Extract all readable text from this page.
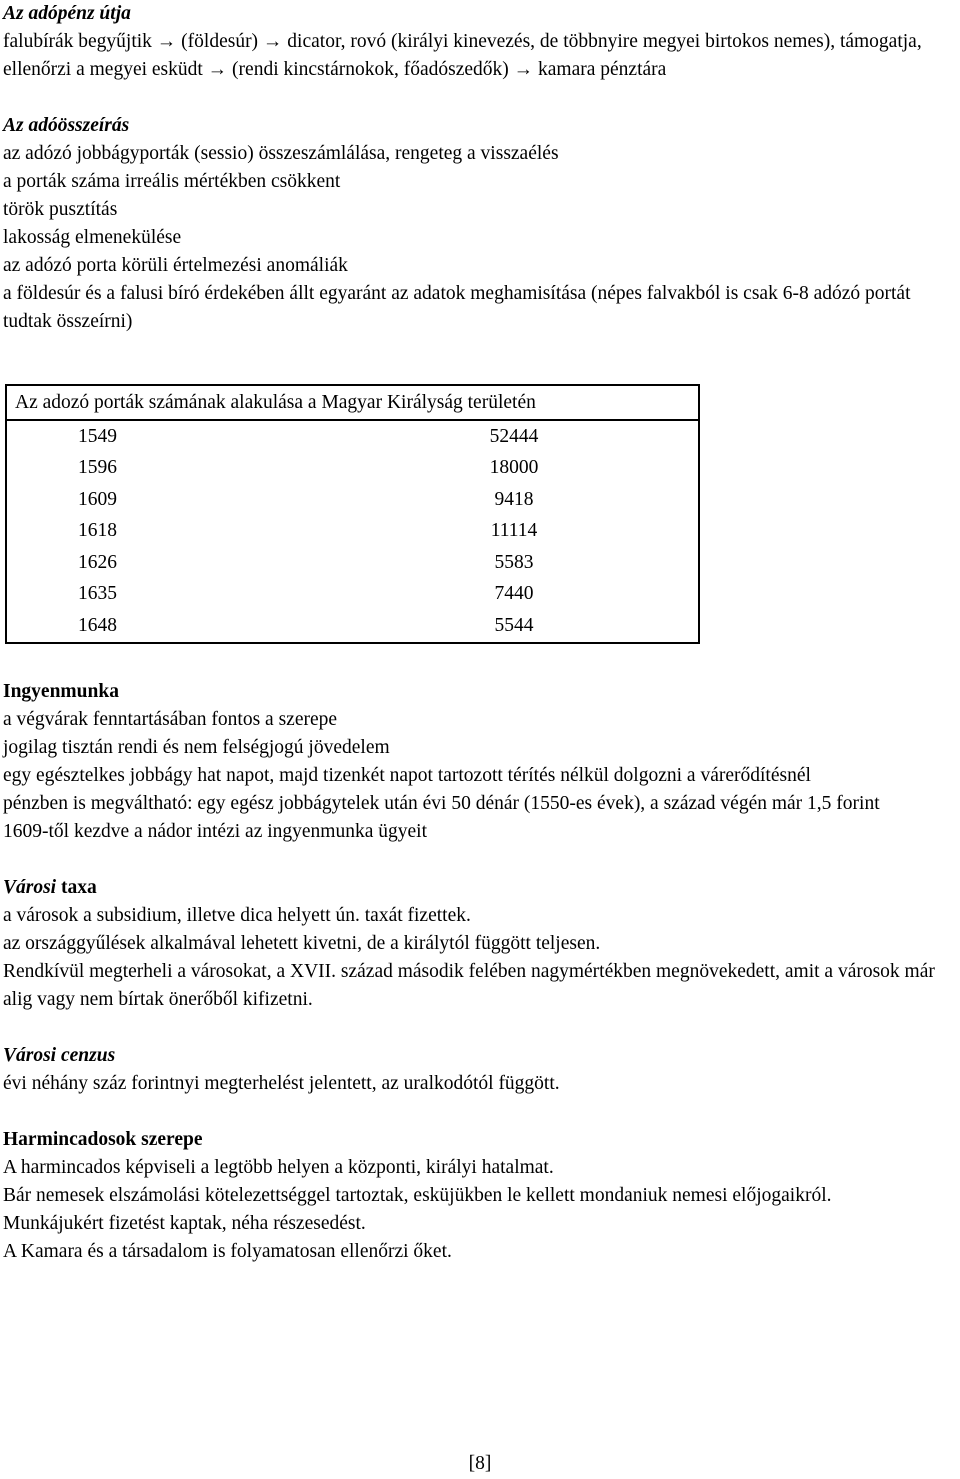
Az adópénz útja

falubírák begyűjtik → (földesúr) → dicator, rovó (királyi kinevezés, de többnyire megyei birtokos nemes), támogatja, ellenőrzi a megyei esküdt → (rendi kincstárnokok, főadószedők) → kamara pénztára

Az adóösszeírás

az adózó jobbágyporták (sessio) összeszámlálása, rengeteg a visszaélés

a porták száma irreális mértékben csökkent

török pusztítás

lakosság elmenekülése

az adózó porta körüli értelmezési anomáliák

a földesúr és a falusi bíró érdekében állt egyaránt az adatok meghamisítása (népes falvakból is csak 6-8 adózó portát tudtak összeírni)

Az adozó porták számának alakulása a Magyar Királyság területén	
1549	52444
1596	18000
1609	9418
1618	11114
1626	5583
1635	7440
1648	5544

Ingyenmunka

a végvárak fenntartásában fontos a szerepe

jogilag tisztán rendi és nem felségjogú jövedelem

egy egésztelkes jobbágy hat napot, majd tizenkét napot tartozott térítés nélkül dolgozni a várerődítésnél

pénzben is megváltható: egy egész jobbágytelek után évi 50 dénár (1550-es évek), a század végén már 1,5 forint

1609-től kezdve a nádor intézi az ingyenmunka ügyeit

Városi taxa

a városok a subsidium, illetve dica helyett ún. taxát fizettek.

az országgyűlések alkalmával lehetett kivetni, de a királytól függött teljesen.

Rendkívül megterheli a városokat, a XVII. század második felében nagymértékben megnövekedett, amit a városok már alig vagy nem bírtak önerőből kifizetni.

Városi cenzus

évi néhány száz forintnyi megterhelést jelentett, az uralkodótól függött.

Harmincadosok szerepe

A harmincados képviseli a legtöbb helyen a központi, királyi hatalmat.

Bár nemesek elszámolási kötelezettséggel tartoztak, esküjükben le kellett mondaniuk nemesi előjogaikról.

Munkájukért fizetést kaptak, néha részesedést.

A Kamara és a társadalom is folyamatosan ellenőrzi őket.

[8]
